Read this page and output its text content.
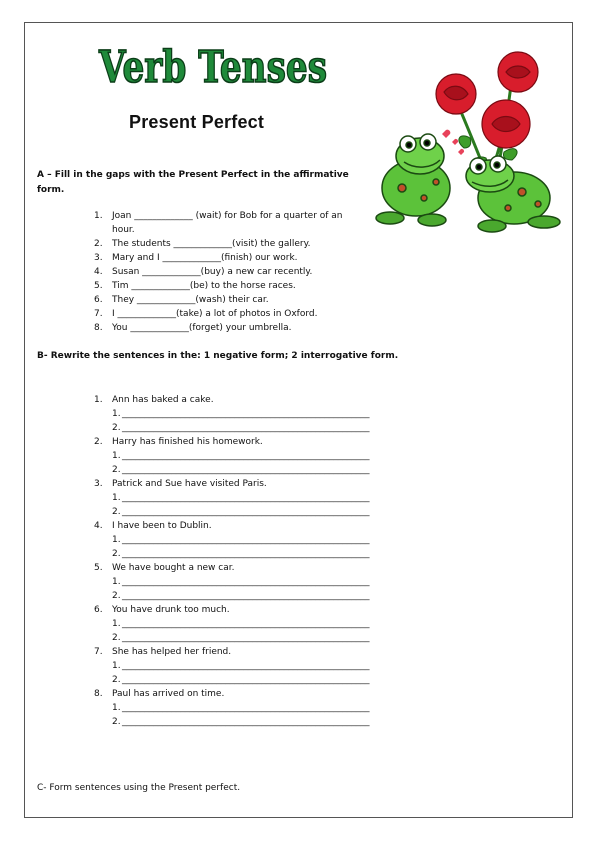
Verb Tenses
Present Perfect
A – Fill in the gaps with the Present Perfect in the affirmative form.
1.	Joan _____________ (wait) for Bob for a quarter of an hour.
2.	The students _____________(visit) the gallery.
3.	Mary and I _____________(finish) our work.
4.	Susan _____________(buy) a new car recently.
5.	Tim _____________(be) to the horse races.
6.	They _____________(wash) their car.
7.	I _____________(take) a lot of photos in Oxford.
8.	You _____________(forget) your umbrella.
B- Rewrite the sentences in the: 1 negative form; 2 interrogative form.
1.	Ann has baked a cake.
1. _______________________________________________________
2. _______________________________________________________
2.	Harry has finished his homework.
1. _______________________________________________________
2. _______________________________________________________
3.	Patrick and Sue have visited Paris.
1. _______________________________________________________
2. _______________________________________________________
4.	I have been to Dublin.
1. _______________________________________________________
2. _______________________________________________________
5.	We have bought a new car.
1. _______________________________________________________
2. _______________________________________________________
6.	You have drunk too much.
1. _______________________________________________________
2. _______________________________________________________
7.	She has helped her friend.
1. _______________________________________________________
2. _______________________________________________________
8.	Paul has arrived on time.
1. _______________________________________________________
2. _______________________________________________________
C- Form sentences using the Present perfect.
